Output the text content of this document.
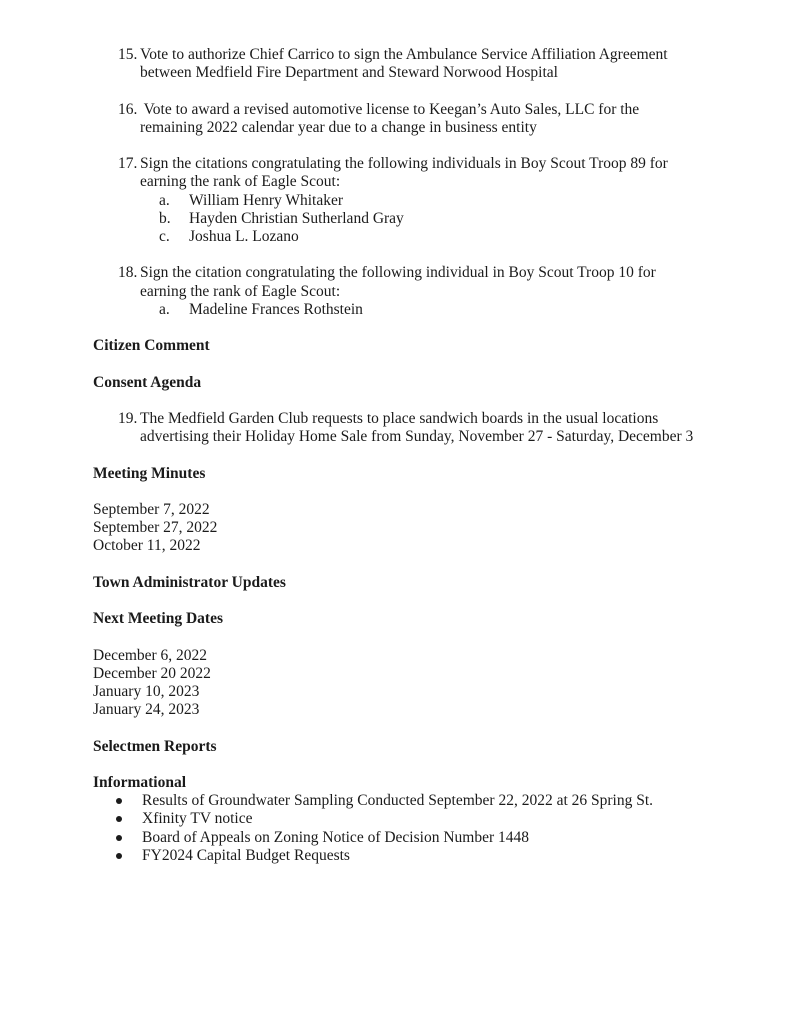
15. Vote to authorize Chief Carrico to sign the Ambulance Service Affiliation Agreement
between Medfield Fire Department and Steward Norwood Hospital
16. Vote to award a revised automotive license to Keegan’s Auto Sales, LLC for the
remaining 2022 calendar year due to a change in business entity
17. Sign the citations congratulating the following individuals in Boy Scout Troop 89 for
earning the rank of Eagle Scout:
a.	William Henry Whitaker
b.	Hayden Christian Sutherland Gray
c.	Joshua L. Lozano
18. Sign the citation congratulating the following individual in Boy Scout Troop 10 for
earning the rank of Eagle Scout:
a.	Madeline Frances Rothstein
Citizen Comment
Consent Agenda
19. The Medfield Garden Club requests to place sandwich boards in the usual locations
advertising their Holiday Home Sale from Sunday, November 27 - Saturday, December 3
Meeting Minutes
September 7, 2022
September 27, 2022
October 11, 2022
Town Administrator Updates
Next Meeting Dates
December 6, 2022
December 20 2022
January 10, 2023
January 24, 2023
Selectmen Reports
Informational
Results of Groundwater Sampling Conducted September 22, 2022 at 26 Spring St.
Xfinity TV notice
Board of Appeals on Zoning Notice of Decision Number 1448
FY2024 Capital Budget Requests
